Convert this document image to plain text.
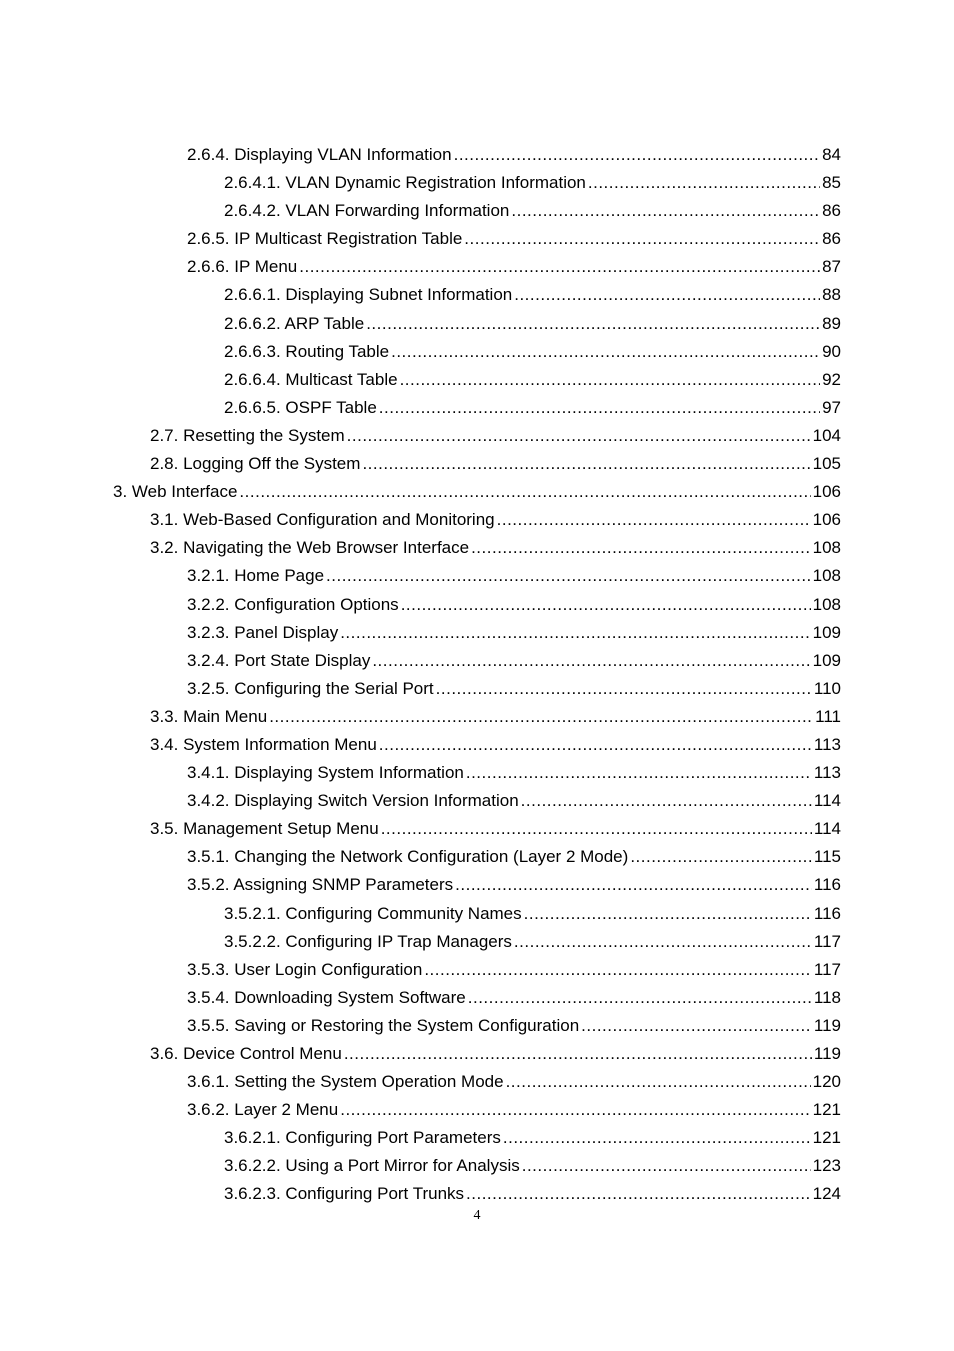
2.6.4. Displaying VLAN Information .....	84
2.6.4.1. VLAN Dynamic Registration Information .....	85
2.6.4.2. VLAN Forwarding Information .....	86
2.6.5. IP Multicast Registration Table .....	86
2.6.6. IP Menu .....	87
2.6.6.1. Displaying Subnet Information .....	88
2.6.6.2. ARP Table .....	89
2.6.6.3. Routing Table .....	90
2.6.6.4. Multicast Table .....	92
2.6.6.5. OSPF Table .....	97
2.7. Resetting the System .....	104
2.8. Logging Off the System .....	105
3. Web Interface .....	106
3.1. Web-Based Configuration and Monitoring .....	106
3.2. Navigating the Web Browser Interface .....	108
3.2.1. Home Page .....	108
3.2.2. Configuration Options .....	108
3.2.3. Panel Display .....	109
3.2.4. Port State Display .....	109
3.2.5. Configuring the Serial Port .....	110
3.3. Main Menu .....	111
3.4. System Information Menu .....	113
3.4.1. Displaying System Information .....	113
3.4.2. Displaying Switch Version Information .....	114
3.5. Management Setup Menu .....	114
3.5.1. Changing the Network Configuration (Layer 2 Mode) .....	115
3.5.2. Assigning SNMP Parameters .....	116
3.5.2.1. Configuring Community Names .....	116
3.5.2.2. Configuring IP Trap Managers .....	117
3.5.3. User Login Configuration .....	117
3.5.4. Downloading System Software .....	118
3.5.5. Saving or Restoring the System Configuration .....	119
3.6. Device Control Menu .....	119
3.6.1. Setting the System Operation Mode .....	120
3.6.2. Layer 2 Menu .....	121
3.6.2.1. Configuring Port Parameters .....	121
3.6.2.2. Using a Port Mirror for Analysis .....	123
3.6.2.3. Configuring Port Trunks .....	124
4
